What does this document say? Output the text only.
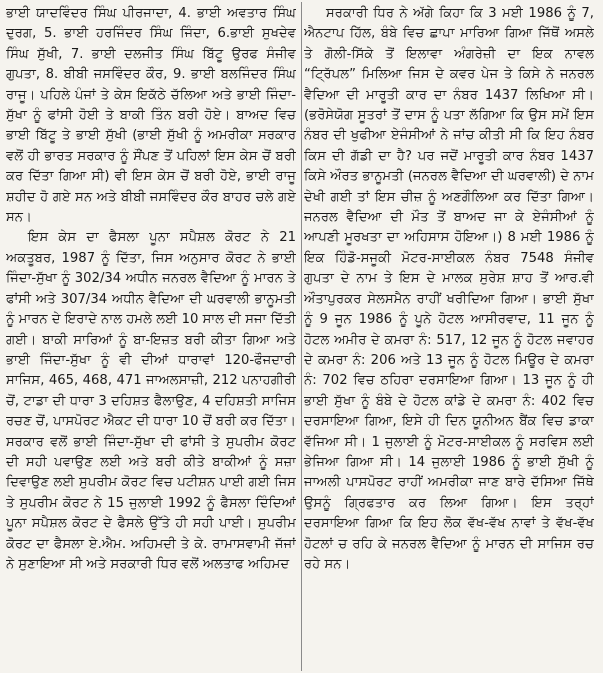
ਭਾਈ ਯਾਦਵਿੰਦਰ ਸਿੰਘ ਪੀਰਜਾਦਾ, 4. ਭਾਈ ਅਵਤਾਰ ਸਿੰਘ ਦੁਰਗ, 5. ਭਾਈ ਹਰਜਿੰਦਰ ਸਿੰਘ ਜਿੰਦਾ, 6.ਭਾਈ ਸੁਖਦੇਵ ਸਿੰਘ ਸੁੱਖੀ, 7. ਭਾਈ ਦਲਜੀਤ ਸਿੰਘ ਬਿੱਟੂ ਉਰਫ ਸੰਜੀਵ ਗੁਪਤਾ, 8. ਬੀਬੀ ਜਸਵਿੰਦਰ ਕੌਰ, 9. ਭਾਈ ਬਲਜਿੰਦਰ ਸਿੰਘ ਰਾਜੂ। ਪਹਿਲੇ ਪੰਜਾਂ ਤੇ ਕੇਸ ਇਕੱਠੇ ਚੱਲਿਆ ਅਤੇ ਭਾਈ ਜਿੰਦਾ-ਸੁੱਖਾ ਨੂੰ ਫਾਂਸੀ ਹੋਈ ਤੇ ਬਾਕੀ ਤਿੰਨ ਬਰੀ ਹੋਏ। ਬਾਅਦ ਵਿਚ ਭਾਈ ਬਿੱਟੂ ਤੇ ਭਾਈ ਸੁੱਖੀ (ਭਾਈ ਸੁੱਖੀ ਨੂੰ ਅਮਰੀਕਾ ਸਰਕਾਰ ਵਲੋਂ ਹੀ ਭਾਰਤ ਸਰਕਾਰ ਨੂੰ ਸੌਂਪਣ ਤੋਂ ਪਹਿਲਾਂ ਇਸ ਕੇਸ ਚੋਂ ਬਰੀ ਕਰ ਦਿੱਤਾ ਗਿਆ ਸੀ) ਵੀ ਇਸ ਕੇਸ ਚੋਂ ਬਰੀ ਹੋਏ, ਭਾਈ ਰਾਜੂ ਸ਼ਹੀਦ ਹੋ ਗਏ ਸਨ ਅਤੇ ਬੀਬੀ ਜਸਵਿੰਦਰ ਕੌਰ ਬਾਹਰ ਚਲੇ ਗਏ ਸਨ।

ਇਸ ਕੇਸ ਦਾ ਫੈਸਲਾ ਪੂਨਾ ਸਪੈਸ਼ਲ ਕੋਰਟ ਨੇ 21 ਅਕਤੂਬਰ, 1987 ਨੂੰ ਦਿੱਤਾ, ਜਿਸ ਅਨੁਸਾਰ ਕੋਰਟ ਨੇ ਭਾਈ ਜਿੰਦਾ-ਸੁੱਖਾ ਨੂੰ 302/34 ਅਧੀਨ ਜਨਰਲ ਵੈਦਿਆ ਨੂੰ ਮਾਰਨ ਤੇ ਫਾਂਸੀ ਅਤੇ 307/34 ਅਧੀਨ ਵੈਦਿਆ ਦੀ ਘਰਵਾਲੀ ਭਾਨੂਮਤੀ ਨੂੰ ਮਾਰਨ ਦੇ ਇਰਾਦੇ ਨਾਲ ਹਮਲੇ ਲਈ 10 ਸਾਲ ਦੀ ਸਜਾ ਦਿੱਤੀ ਗਈ। ਬਾਕੀ ਸਾਰਿਆਂ ਨੂੰ ਬਾ-ਇਜ਼ਤ ਬਰੀ ਕੀਤਾ ਗਿਆ ਅਤੇ ਭਾਈ ਜਿੰਦਾ-ਸੁੱਖਾ ਨੂੰ ਵੀ ਦੀਆਂ ਧਾਰਾਵਾਂ 120-ਫੌਜਦਾਰੀ ਸਾਜਿਸ, 465, 468, 471 ਜਾਅਲਸਾਜ਼ੀ, 212 ਪਨਾਹਗੀਰੀ ਚੋਂ, ਟਾਡਾ ਦੀ ਧਾਰਾ 3 ਦਹਿਸ਼ਤ ਫੈਲਾਉਣ, 4 ਦਹਿਸ਼ਤੀ ਸਾਜਿਸ ਰਚਣ ਚੋਂ, ਪਾਸਪੋਰਟ ਐਕਟ ਦੀ ਧਾਰਾ 10 ਚੋਂ ਬਰੀ ਕਰ ਦਿੱਤਾ। ਸਰਕਾਰ ਵਲੋਂ ਭਾਈ ਜਿੰਦਾ-ਸੁੱਖਾ ਦੀ ਫਾਂਸੀ ਤੇ ਸੁਪਰੀਮ ਕੋਰਟ ਦੀ ਸਹੀ ਪਵਾਉਣ ਲਈ ਅਤੇ ਬਰੀ ਕੀਤੇ ਬਾਕੀਆਂ ਨੂੰ ਸਜ਼ਾ ਦਿਵਾਉਣ ਲਈ ਸੁਪਰੀਮ ਕੋਰਟ ਵਿਚ ਪਟੀਸ਼ਨ ਪਾਈ ਗਈ ਜਿਸ ਤੇ ਸੁਪਰੀਮ ਕੋਰਟ ਨੇ 15 ਜੁਲਾਈ 1992 ਨੂੰ ਫੈਸਲਾ ਦਿੰਦਿਆਂ ਪੂਨਾ ਸਪੈਸ਼ਲ ਕੋਰਟ ਦੇ ਫੈਸਲੇ ਉੱਤੇ ਹੀ ਸਹੀ ਪਾਈ। ਸੁਪਰੀਮ ਕੋਰਟ ਦਾ ਫੈਸਲਾ ਏ.ਐਮ. ਅਹਿਮਦੀ ਤੇ ਕੇ. ਰਾਮਾਸਵਾਮੀ ਜੱਜਾਂ ਨੇ ਸੁਣਾਇਆ ਸੀ ਅਤੇ ਸਰਕਾਰੀ ਧਿਰ ਵਲੋਂ ਅਲਤਾਫ ਅਹਿਮਦ

ਸਰਕਾਰੀ ਧਿਰ ਨੇ ਅੱਗੇ ਕਿਹਾ ਕਿ 3 ਮਈ 1986 ਨੂੰ 7, ਐਨਟਾਪ ਹਿੱਲ, ਬੰਬੇ ਵਿਚ ਛਾਪਾ ਮਾਰਿਆ ਗਿਆ ਜਿੱਥੋਂ ਅਸਲੇ ਤੇ ਗੋਲੀ-ਸਿੱਕੇ ਤੋਂ ਇਲਾਵਾ ਅੰਗਰੇਜ਼ੀ ਦਾ ਇਕ ਨਾਵਲ “ਟ੍ਰਿੱਪਲ” ਮਿਲਿਆ ਜਿਸ ਦੇ ਕਵਰ ਪੇਜ ਤੇ ਕਿਸੇ ਨੇ ਜਨਰਲ ਵੈਦਿਆ ਦੀ ਮਾਰੂਤੀ ਕਾਰ ਦਾ ਨੰਬਰ 1437 ਲਿਖਿਆ ਸੀ। (ਭਰੋਸੇਯੋਗ ਸੂਤਰਾਂ ਤੋਂ ਦਾਸ ਨੂੰ ਪਤਾ ਲੱਗਿਆ ਕਿ ਉਸ ਸਮੇਂ ਇਸ ਨੰਬਰ ਦੀ ਖੁਫੀਆ ਏਜੰਸੀਆਂ ਨੇ ਜਾਂਚ ਕੀਤੀ ਸੀ ਕਿ ਇਹ ਨੰਬਰ ਕਿਸ ਦੀ ਗੱਡੀ ਦਾ ਹੈ? ਪਰ ਜਦੋਂ ਮਾਰੂਤੀ ਕਾਰ ਨੰਬਰ 1437 ਕਿਸੇ ਔਰਤ ਭਾਨੂਮਤੀ (ਜਨਰਲ ਵੈਦਿਆ ਦੀ ਘਰਵਾਲੀ) ਦੇ ਨਾਮ ਦੇਖੀ ਗਈ ਤਾਂ ਇਸ ਚੀਜ਼ ਨੂੰ ਅਣਗੌਲਿਆ ਕਰ ਦਿੱਤਾ ਗਿਆ। ਜਨਰਲ ਵੈਦਿਆ ਦੀ ਮੌਤ ਤੋਂ ਬਾਅਦ ਜਾ ਕੇ ਏਜੰਸੀਆਂ ਨੂੰ ਆਪਣੀ ਮੂਰਖਤਾ ਦਾ ਅਹਿਸਾਸ ਹੋਇਆ।) 8 ਮਈ 1986 ਨੂੰ ਇਕ ਹਿੰਡੋ-ਸਜੂਕੀ ਮੋਟਰ-ਸਾਈਕਲ ਨੰਬਰ 7548 ਸੰਜੀਵ ਗੁਪਤਾ ਦੇ ਨਾਮ ਤੇ ਇਸ ਦੇ ਮਾਲਕ ਸੁਰੇਸ਼ ਸ਼ਾਹ ਤੋਂ ਆਰ.ਵੀ ਔਤਾਪੁਰਕਰ ਸੇਲਸਮੈਨ ਰਾਹੀਂ ਖਰੀਦਿਆ ਗਿਆ। ਭਾਈ ਸੁੱਖਾ ਨੂੰ 9 ਜੂਨ 1986 ਨੂੰ ਪੂਨੇ ਹੋਟਲ ਆਸੀਰਵਾਦ, 11 ਜੂਨ ਨੂੰ ਹੋਟਲ ਅਮੀਰ ਦੇ ਕਮਰਾ ਨੰ: 517, 12 ਜੂਨ ਨੂੰ ਹੋਟਲ ਜਵਾਹਰ ਦੇ ਕਮਰਾ ਨੰ: 206 ਅਤੇ 13 ਜੂਨ ਨੂੰ ਹੋਟਲ ਮਿਊਰ ਦੇ ਕਮਰਾ ਨੰ: 702 ਵਿਚ ਠਹਿਰਾ ਦਰਸਾਇਆ ਗਿਆ। 13 ਜੂਨ ਨੂੰ ਹੀ ਭਾਈ ਸੁੱਖਾ ਨੂੰ ਬੰਬੇ ਦੇ ਹੋਟਲ ਕਾਂਡੇ ਦੇ ਕਮਰਾ ਨੰ: 402 ਵਿਚ ਦਰਸਾਇਆ ਗਿਆ, ਇਸੇ ਹੀ ਦਿਨ ਯੂਨੀਅਨ ਬੈਂਕ ਵਿਚ ਡਾਕਾ ਵੱਜਿਆ ਸੀ। 1 ਜੁਲਾਈ ਨੂੰ ਮੋਟਰ-ਸਾਈਕਲ ਨੂੰ ਸਰਵਿਸ ਲਈ ਭੇਜਿਆ ਗਿਆ ਸੀ। 14 ਜੁਲਾਈ 1986 ਨੂੰ ਭਾਈ ਸੁੱਖੀ ਨੂੰ ਜਾਅਲੀ ਪਾਸਪੋਰਟ ਰਾਹੀਂ ਅਮਰੀਕਾ ਜਾਣ ਬਾਰੇ ਦੱਸਿਆ ਜਿੱਥੇ ਉਸਨੂੰ ਗ੍ਰਿਫਤਾਰ ਕਰ ਲਿਆ ਗਿਆ। ਇਸ ਤਰ੍ਹਾਂ ਦਰਸਾਇਆ ਗਿਆ ਕਿ ਇਹ ਲੋਕ ਵੱਖ-ਵੱਖ ਨਾਵਾਂ ਤੇ ਵੱਖ-ਵੱਖ ਹੋਟਲਾਂ ਚ ਰਹਿ ਕੇ ਜਨਰਲ ਵੈਦਿਆ ਨੂੰ ਮਾਰਨ ਦੀ ਸਾਜਿਸ ਰਚ ਰਹੇ ਸਨ।
